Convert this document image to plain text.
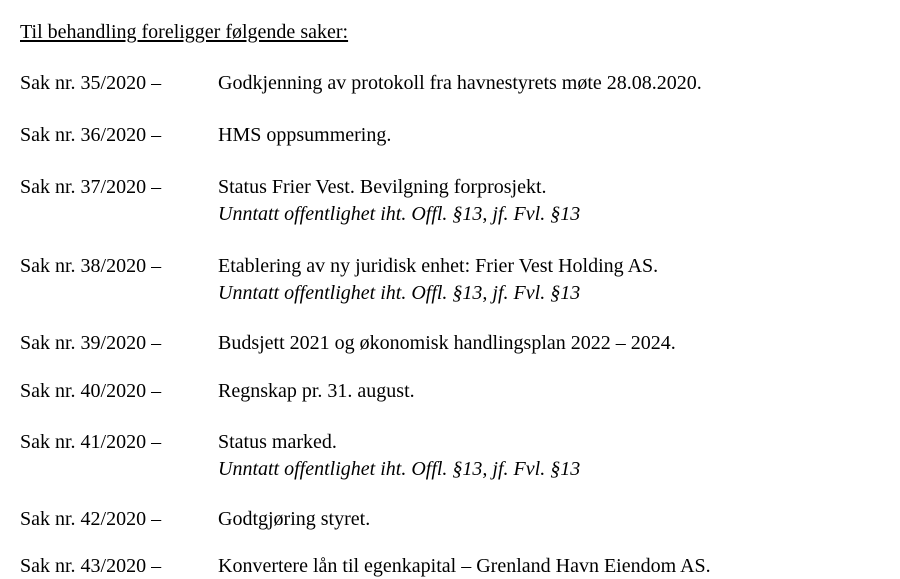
Til behandling foreligger følgende saker:
Sak nr. 35/2020 –	Godkjenning av protokoll fra havnestyrets møte 28.08.2020.
Sak nr. 36/2020 –	HMS oppsummering.
Sak nr. 37/2020 –	Status Frier Vest. Bevilgning forprosjekt.
Unntatt offentlighet iht. Offl. §13, jf. Fvl. §13
Sak nr. 38/2020 –	Etablering av ny juridisk enhet: Frier Vest Holding AS.
Unntatt offentlighet iht. Offl. §13, jf. Fvl. §13
Sak nr. 39/2020 –	Budsjett 2021 og økonomisk handlingsplan 2022 – 2024.
Sak nr. 40/2020 –	Regnskap pr. 31. august.
Sak nr. 41/2020 –	Status marked.
Unntatt offentlighet iht. Offl. §13, jf. Fvl. §13
Sak nr. 42/2020 –	Godtgjøring styret.
Sak nr. 43/2020 –	Konvertere lån til egenkapital – Grenland Havn Eiendom AS.
